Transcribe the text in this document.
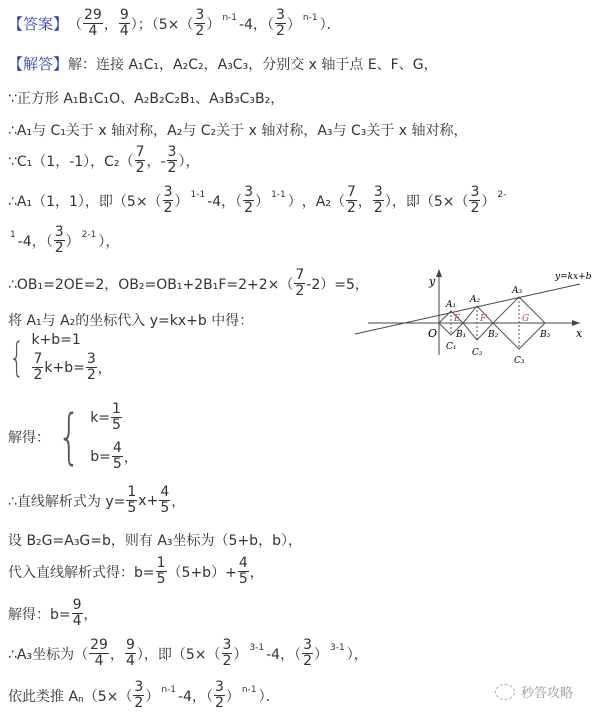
【答案】 （ $\frac{29}{4}$ ， $\frac{9}{4}$ ）；（$5\times( \frac{3}{2}$ ） n-1 -4，（ $\frac{3}{2}$ ） n-1 ）．
【解答】 解：连接 A₁C₁，A₂C₂，A₃C₃，分别交 x 轴于点 E、F、G，
∵正方形 A₁B₁C₁O、A₂B₂C₂B₁、A₃B₃C₃B₂，
∴A₁与 C₁关于 x 轴对称，A₂与 C₂关于 x 轴对称，A₃与 C₃关于 x 轴对称，
∵C₁（1，-1），$C_2( \frac{7}{2}$ ，- $\frac{3}{2}$ ），
∴A₁（1，1），即（$5\times( \frac{3}{2}$ ） 1-1 -4，（ $\frac{3}{2}$ ） 1-1 ） ，$A_2( \frac{7}{2}$ ， $\frac{3}{2}$ ），即（$5\times( \frac{3}{2}$ ） 2-
1 -4，（ $\frac{3}{2}$ ） 2-1 ），
∴OB₁=2OE=2，$OB_2=OB_1+2B_1F=2+2\times( \frac{7}{2} -2)=5$，
将 A₁与 A₂的坐标代入 y=kx+b 中得：
{ k+b=1
$\frac{7}{2} k+b= \frac{3}{2}$ ，
解得： { $k= \frac{1}{5}$
$b= \frac{4}{5}$ ，
∴直线解析式为 $y= \frac{1}{5} x+ \frac{4}{5}$ ，
设 B₂G=A₃G=b，则有 A₃坐标为（5+b，b），
代入直线解析式得：$b= \frac{1}{5} (5+b)+ \frac{4}{5}$ ，
解得：$b= \frac{9}{4}$ ，
∴A₃坐标为（ $\frac{29}{4}$ ， $\frac{9}{4}$ ），即（$5\times( \frac{3}{2}$ ） 3-1 -4，（ $\frac{3}{2}$ ） 3-1 ），
依此类推 A n （$5\times( \frac{3}{2}$ ） n-1 -4，（ $\frac{3}{2}$ ） n-1 ）．
y
x
O
y=kx+b
A₁ A₂
A₃
B₁ B₂	B₃
C₁
C₂
C₃
E F	G
秒答攻略
